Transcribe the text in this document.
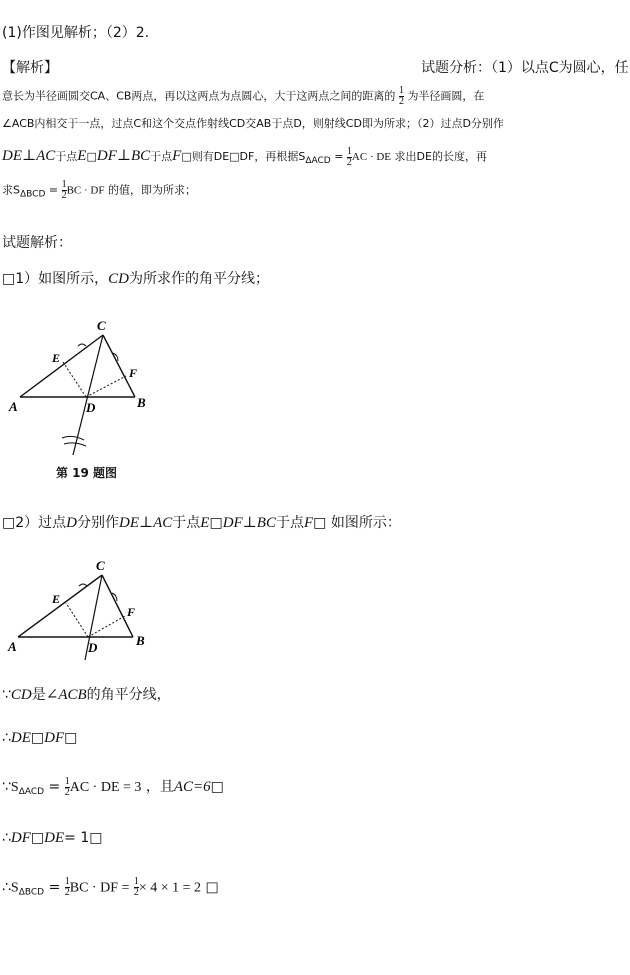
(1)作图见解析；（2）2.
【解析】	试题分析：（1）以点C为圆心，任
意长为半径画圆交CA、CB两点，再以这两点为点圆心，大于这两点之间的距离的 $\frac{1}{2}$ 为半径画圆，在
∠ACB内相交于一点，过点C和这个交点作射线CD交AB于点D，则射线CD即为所求；（2）过点D分别作
DE⊥AC于点E□DF⊥BC于点F□则有DE□DF，再根据$S_{\Delta ACD} = \frac{1}{2}$ AC · DE 求出DE的长度，再
求$S_{\Delta BCD} = \frac{1}{2}$ BC · DF 的值，即为所求；
试题解析：
□1）如图所示，CD为所求作的角平分线；
C
E
F
A	D	B
第 19 题图
□2）过点D分别作DE⊥AC于点E□DF⊥BC于点F□ 如图所示：
C
E
F
A	D	B
∵CD是∠ACB的角平分线，
∴DE□DF□
$\because S_{\Delta ACD} = \frac{1}{2}$ AC · DE = 3 ，且AC=6□
∴DF□DE= 1□
$\therefore S_{\Delta BCD} = \frac{1}{2}$ BC · DF = $\frac{1}{2} \times 4 \times 1 = 2$ □
